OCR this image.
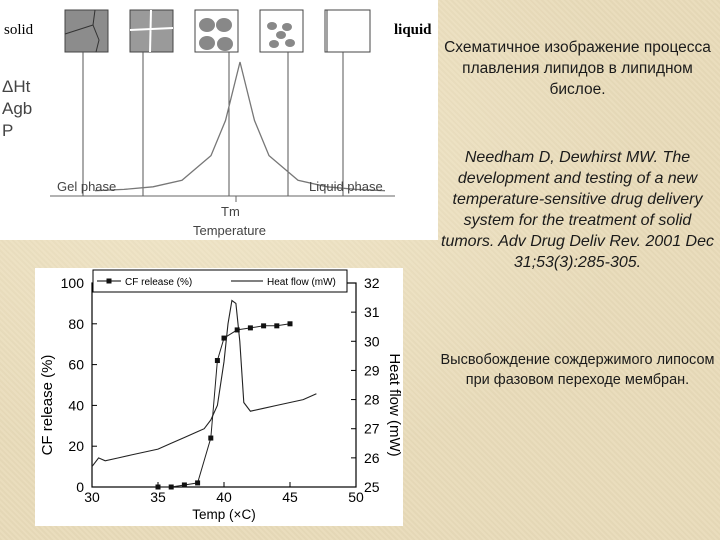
solid	liquid
ΔHt
Agb
P
Gel phase	Liquid phase
Tm
Temperature
30	35	40	45	50
0
20
40
60
80
100
25
26
27
28
29
30
31
32
CF release (%)	Heat flow (mW)
Temp (×C)
CF release (%)	Heat flow (mW)
Схематичное изображение процесса плавления липидов в липидном бислое.
Needham D, Dewhirst MW. The development and testing of a new temperature-sensitive drug delivery system for the treatment of solid tumors. Adv Drug Deliv Rev. 2001 Dec 31;53(3):285-305.
Высвобождение сождержимого липосом при фазовом переходе мембран.
